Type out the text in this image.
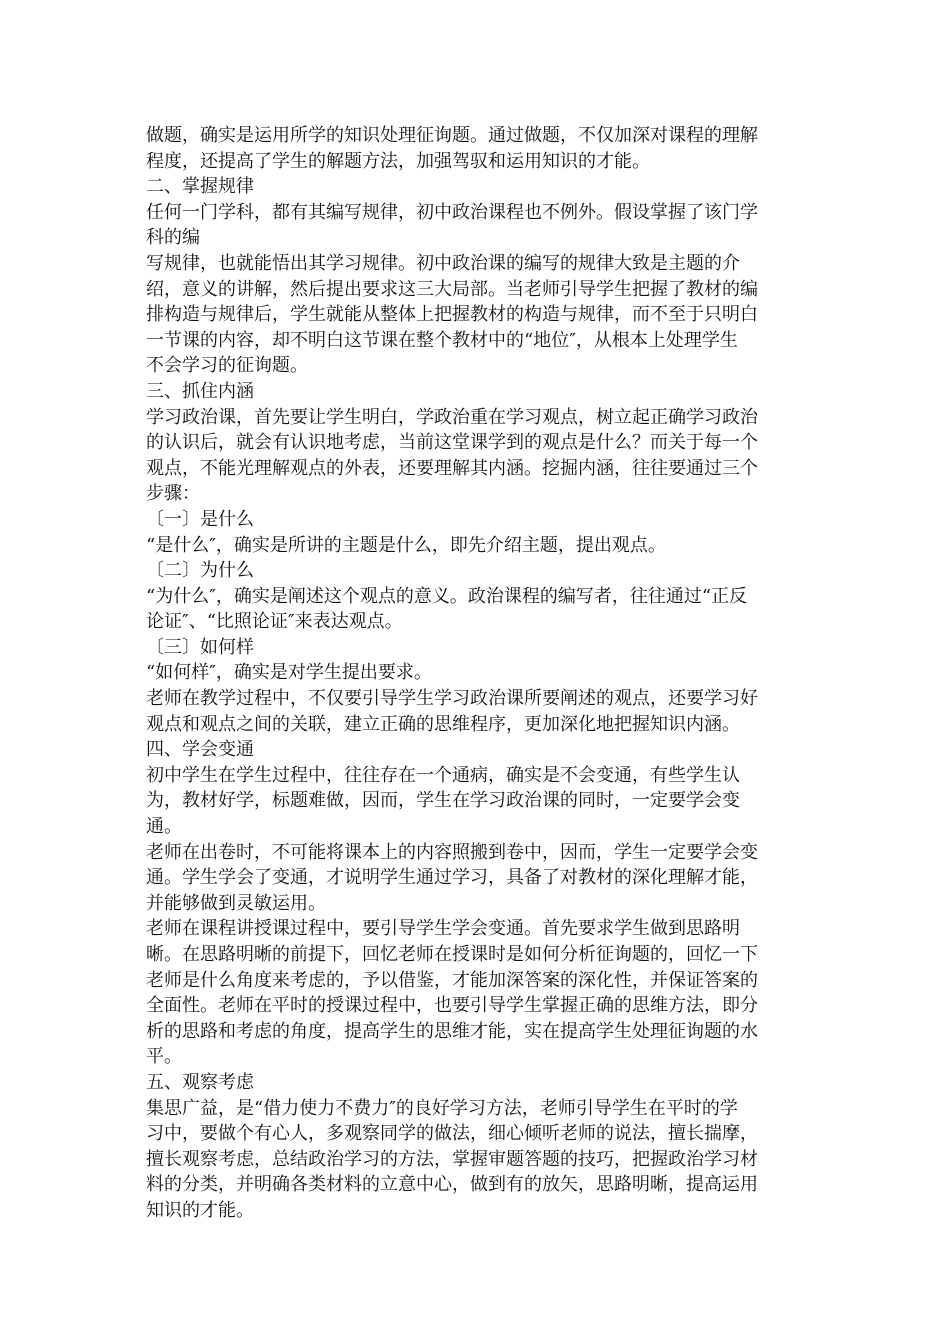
做题，确实是运用所学的知识处理征询题。通过做题，不仅加深对课程的理解
程度，还提高了学生的解题方法，加强驾驭和运用知识的才能。
二、掌握规律
任何一门学科，都有其编写规律，初中政治课程也不例外。假设掌握了该门学
科的编
写规律，也就能悟出其学习规律。初中政治课的编写的规律大致是主题的介
绍，意义的讲解，然后提出要求这三大局部。当老师引导学生把握了教材的编
排构造与规律后，学生就能从整体上把握教材的构造与规律，而不至于只明白
一节课的内容，却不明白这节课在整个教材中的“地位″，从根本上处理学生
不会学习的征询题。
三、抓住内涵
学习政治课，首先要让学生明白，学政治重在学习观点，树立起正确学习政治
的认识后，就会有认识地考虑，当前这堂课学到的观点是什么？而关于每一个
观点，不能光理解观点的外表，还要理解其内涵。挖掘内涵，往往要通过三个
步骤：
〔一〕是什么
“是什么″，确实是所讲的主题是什么，即先介绍主题，提出观点。
〔二〕为什么
“为什么″，确实是阐述这个观点的意义。政治课程的编写者，往往通过“正反
论证″、“比照论证″来表达观点。
〔三〕如何样
“如何样″，确实是对学生提出要求。
老师在教学过程中，不仅要引导学生学习政治课所要阐述的观点，还要学习好
观点和观点之间的关联，建立正确的思维程序，更加深化地把握知识内涵。
四、学会变通
初中学生在学生过程中，往往存在一个通病，确实是不会变通，有些学生认
为，教材好学，标题难做，因而，学生在学习政治课的同时，一定要学会变
通。
老师在出卷时，不可能将课本上的内容照搬到卷中，因而，学生一定要学会变
通。学生学会了变通，才说明学生通过学习，具备了对教材的深化理解才能，
并能够做到灵敏运用。
老师在课程讲授课过程中，要引导学生学会变通。首先要求学生做到思路明
晰。在思路明晰的前提下，回忆老师在授课时是如何分析征询题的，回忆一下
老师是什么角度来考虑的，予以借鉴，才能加深答案的深化性，并保证答案的
全面性。老师在平时的授课过程中，也要引导学生掌握正确的思维方法，即分
析的思路和考虑的角度，提高学生的思维才能，实在提高学生处理征询题的水
平。
五、观察考虑
集思广益，是“借力使力不费力″的良好学习方法，老师引导学生在平时的学
习中，要做个有心人，多观察同学的做法，细心倾听老师的说法，擅长揣摩，
擅长观察考虑，总结政治学习的方法，掌握审题答题的技巧，把握政治学习材
料的分类，并明确各类材料的立意中心，做到有的放矢，思路明晰，提高运用
知识的才能。
